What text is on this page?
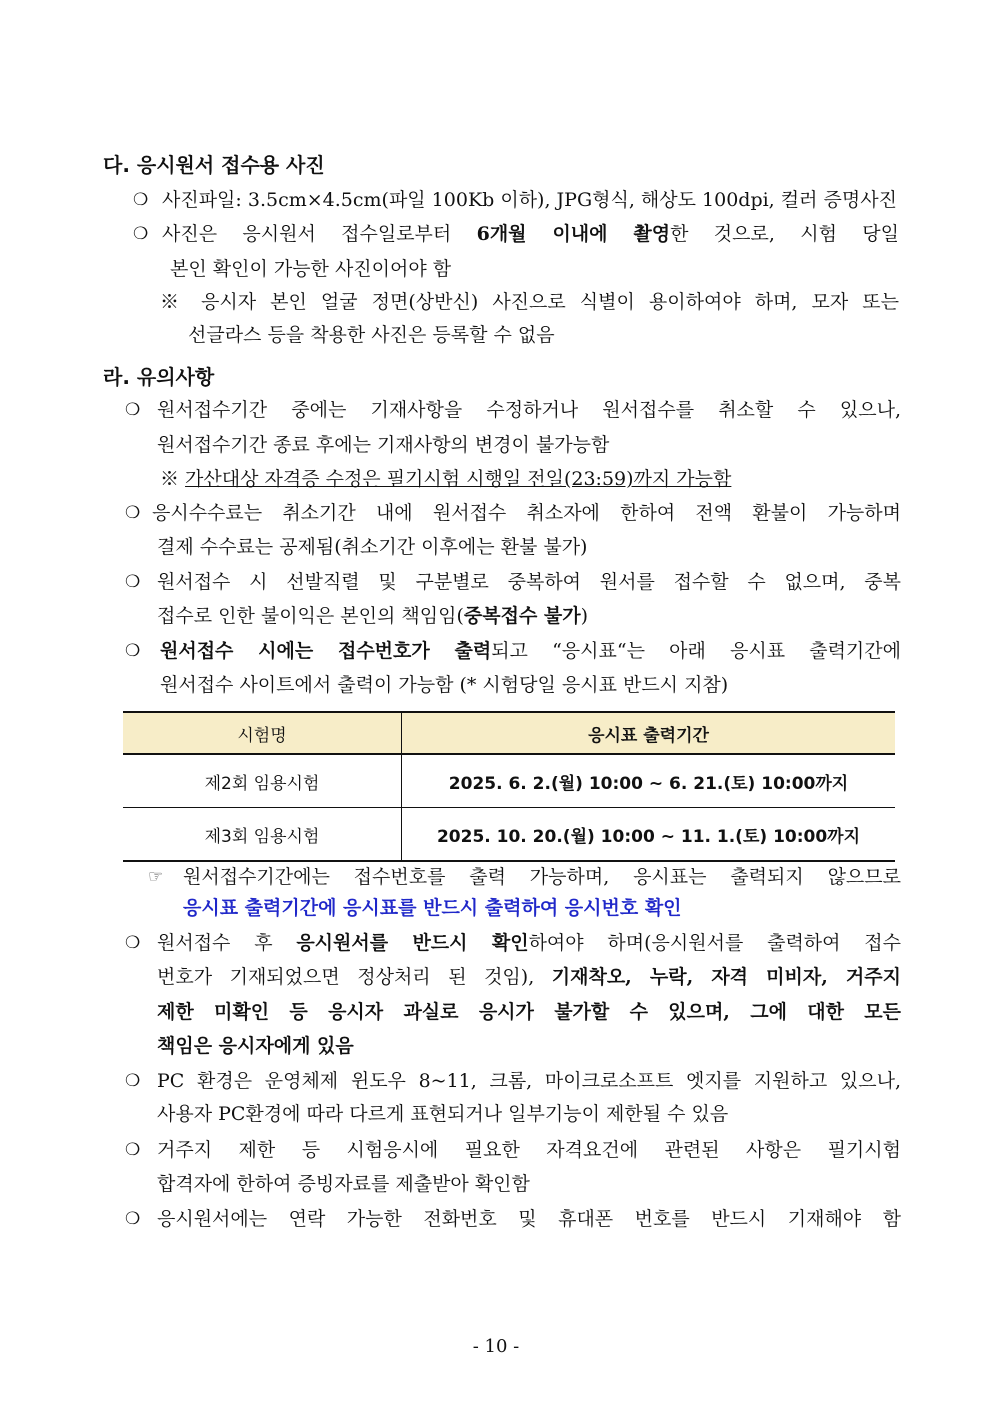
다. 응시원서 접수용 사진
❍ 사진파일: 3.5cm×4.5cm(파일 100Kb 이하), JPG형식, 해상도 100dpi, 컬러 증명사진
❍ 사진은 응시원서 접수일로부터 6개월 이내에 촬영한 것으로, 시험 당일
본인 확인이 가능한 사진이어야 함
※ 응시자 본인 얼굴 정면(상반신) 사진으로 식별이 용이하여야 하며, 모자 또는
선글라스 등을 착용한 사진은 등록할 수 없음
라. 유의사항
❍ 원서접수기간 중에는 기재사항을 수정하거나 원서접수를 취소할 수 있으나,
원서접수기간 종료 후에는 기재사항의 변경이 불가능함
※ 가산대상 자격증 수정은 필기시험 시행일 전일(23:59)까지 가능함
❍ 응시수수료는 취소기간 내에 원서접수 취소자에 한하여 전액 환불이 가능하며
결제 수수료는 공제됨(취소기간 이후에는 환불 불가)
❍ 원서접수 시 선발직렬 및 구분별로 중복하여 원서를 접수할 수 없으며, 중복
접수로 인한 불이익은 본인의 책임임(중복접수 불가)
❍ 원서접수 시에는 접수번호가 출력되고 “응시표“는 아래 응시표 출력기간에
원서접수 사이트에서 출력이 가능함 (* 시험당일 응시표 반드시 지참)
시험명	응시표 출력기간
제2회 임용시험	2025. 6. 2.(월) 10:00 ~ 6. 21.(토) 10:00까지
제3회 임용시험	2025. 10. 20.(월) 10:00 ~ 11. 1.(토) 10:00까지
☞ 원서접수기간에는 접수번호를 출력 가능하며, 응시표는 출력되지 않으므로
응시표 출력기간에 응시표를 반드시 출력하여 응시번호 확인
❍ 원서접수 후 응시원서를 반드시 확인하여야 하며(응시원서를 출력하여 접수
번호가 기재되었으면 정상처리 된 것임), 기재착오, 누락, 자격 미비자, 거주지
제한 미확인 등 응시자 과실로 응시가 불가할 수 있으며, 그에 대한 모든
책임은 응시자에게 있음
❍ PC 환경은 운영체제 윈도우 8~11, 크롬, 마이크로소프트 엣지를 지원하고 있으나,
사용자 PC환경에 따라 다르게 표현되거나 일부기능이 제한될 수 있음
❍ 거주지 제한 등 시험응시에 필요한 자격요건에 관련된 사항은 필기시험
합격자에 한하여 증빙자료를 제출받아 확인함
❍ 응시원서에는 연락 가능한 전화번호 및 휴대폰 번호를 반드시 기재해야 함
- 10 -
